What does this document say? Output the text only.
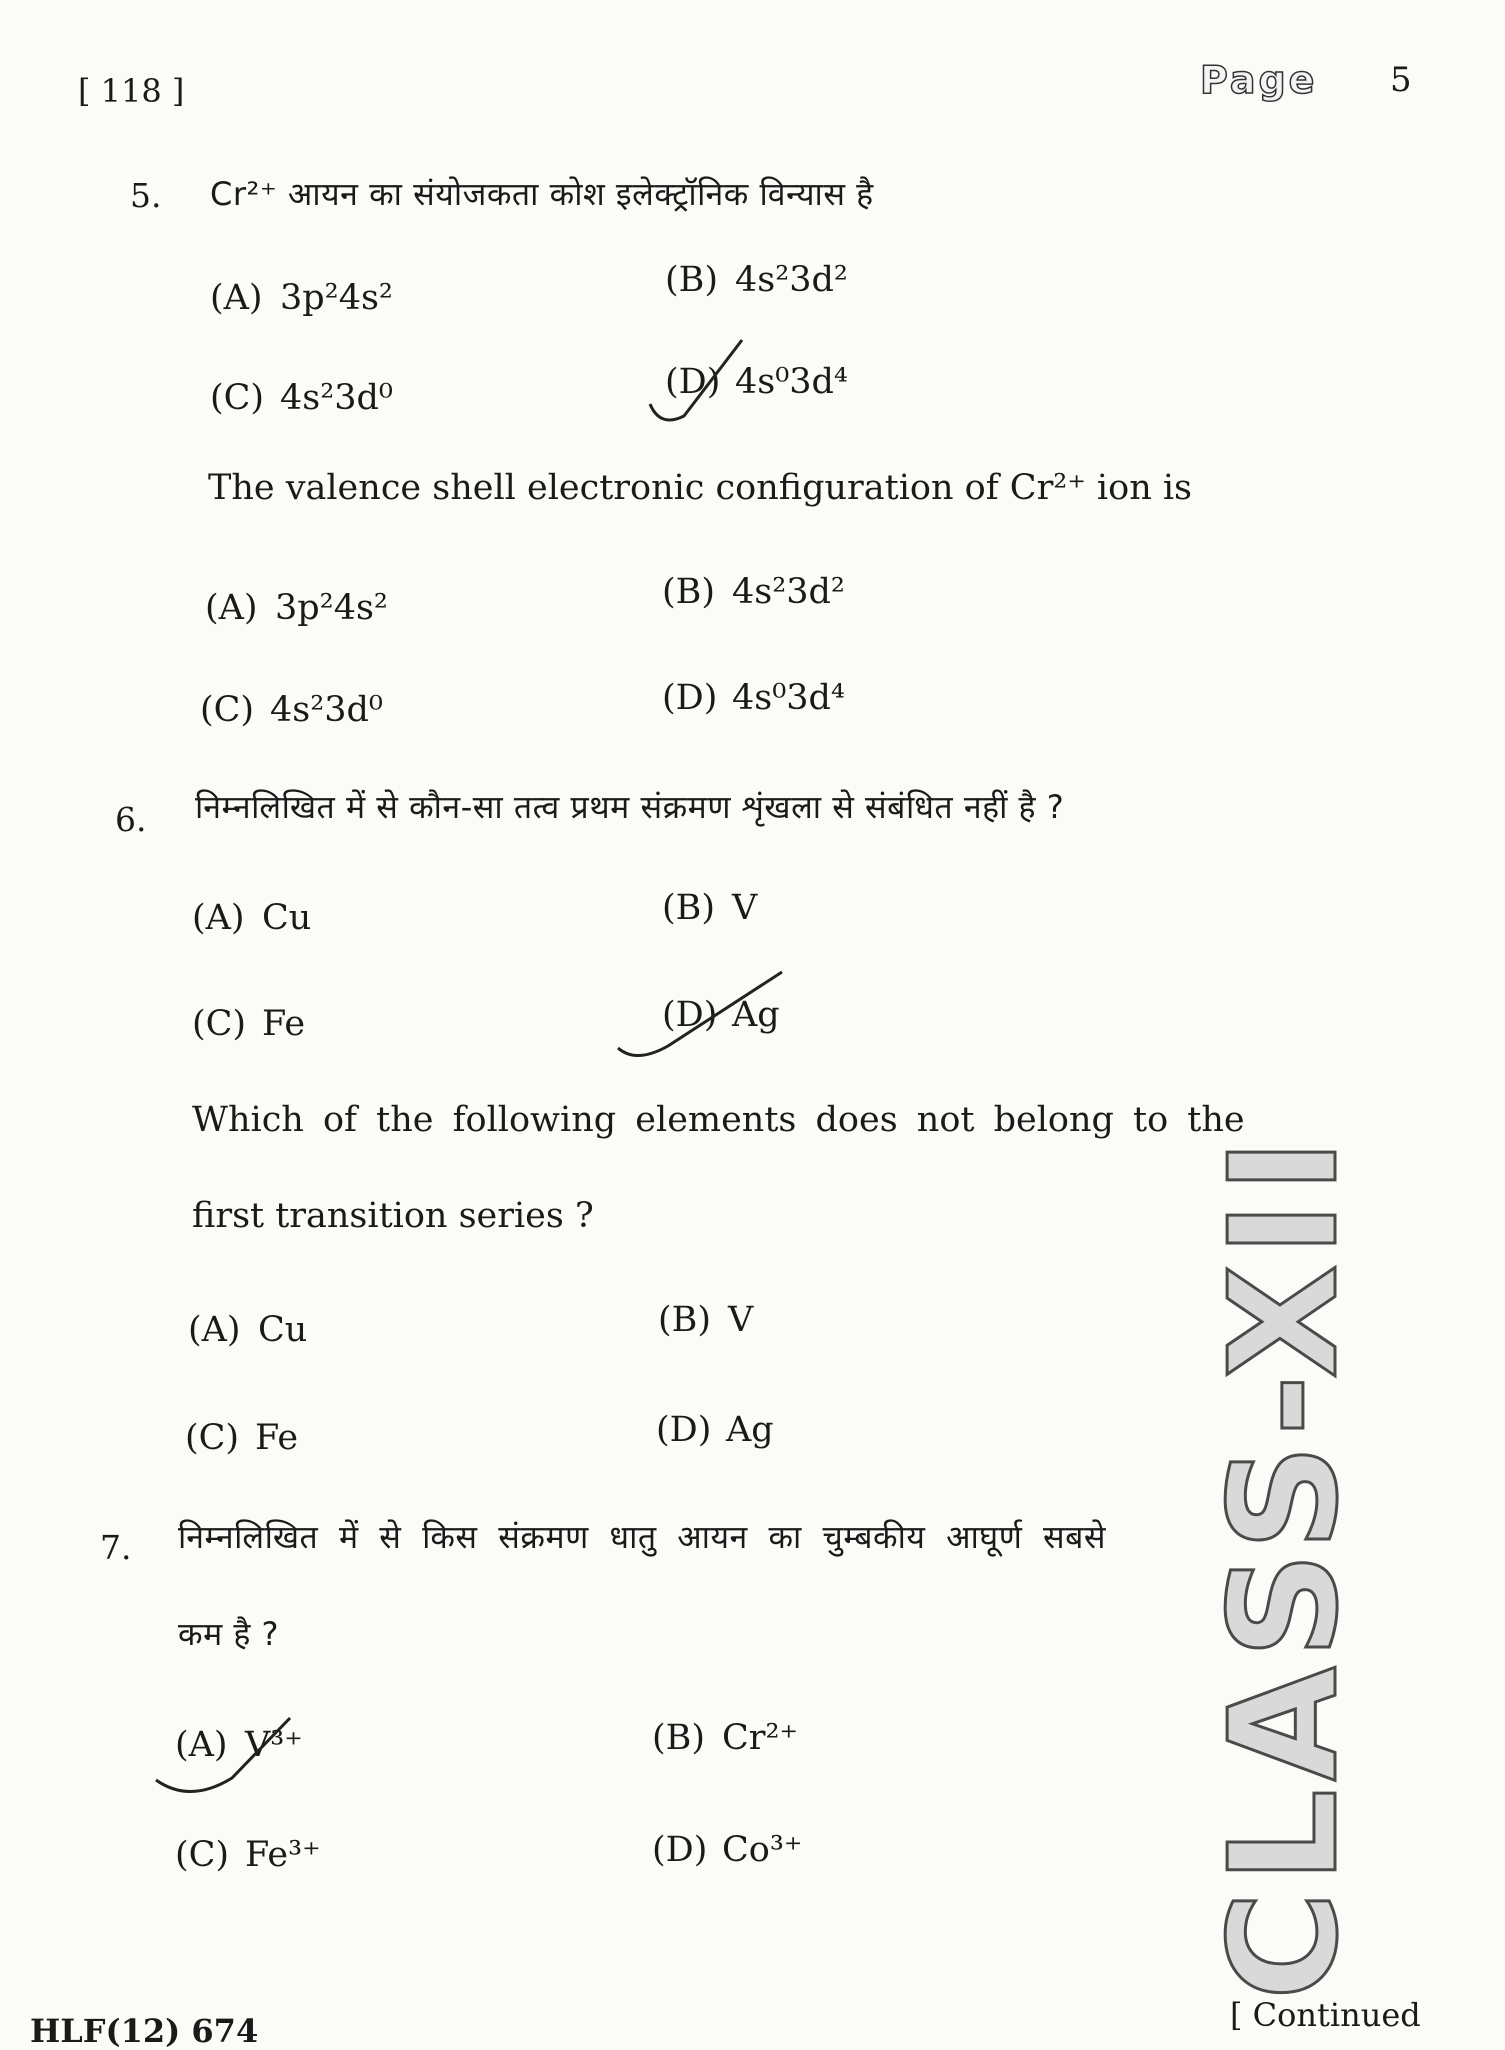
[ 118 ]	Page 5
5. Cr²⁺ आयन का संयोजकता कोश इलेक्ट्रॉनिक विन्यास है
(A) 3p²4s²	(B) 4s²3d²
(C) 4s²3d⁰	(D) 4s⁰3d⁴
The valence shell electronic configuration of Cr²⁺ ion is
(A) 3p²4s²	(B) 4s²3d²
(C) 4s²3d⁰	(D) 4s⁰3d⁴
6. निम्नलिखित में से कौन-सा तत्व प्रथम संक्रमण शृंखला से संबंधित नहीं है ?
(A) Cu	(B) V
(C) Fe	(D) Ag
Which of the following elements does not belong to the
first transition series ?
(A) Cu	(B) V
(C) Fe	(D) Ag
7. निम्नलिखित में से किस संक्रमण धातु आयन का चुम्बकीय आघूर्ण सबसे
कम है ?
(A) V³⁺	(B) Cr²⁺
(C) Fe³⁺	(D) Co³⁺	CLASS-XII
HLF(12) 674	[ Continued
